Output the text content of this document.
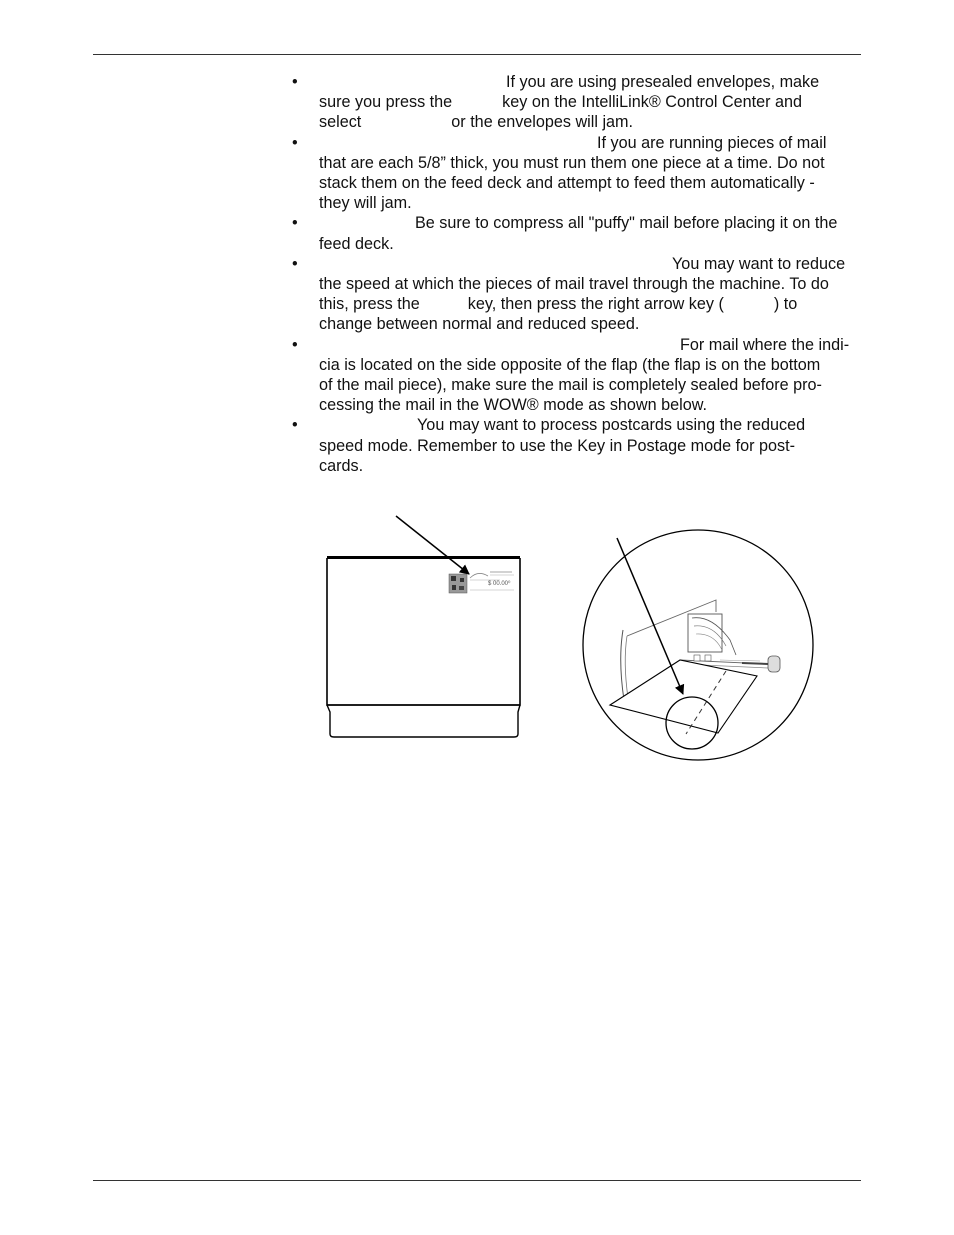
•	If you are using presealed envelopes, make
sure you press the	key on the IntelliLink® Control Center and
select	or the envelopes will jam.
•	If you are running pieces of mail
that are each 5/8” thick, you must run them one piece at a time. Do not
stack them on the feed deck and attempt to feed them automatically -
they will jam.
•	Be sure to compress all "puffy" mail before placing it on the
feed deck.
•	You may want to reduce
the speed at which the pieces of mail travel through the machine. To do
this, press the	key, then press the right arrow key (	) to
change between normal and reduced speed.
•	For mail where the indi-
cia is located on the side opposite of the flap (the flap is on the bottom
of the mail piece), make sure the mail is completely sealed before pro-
cessing the mail in the WOW® mode as shown below.
•	You may want to process postcards using the reduced
speed mode. Remember to use the Key in Postage mode for post-
cards.
$ 00.00⁰
